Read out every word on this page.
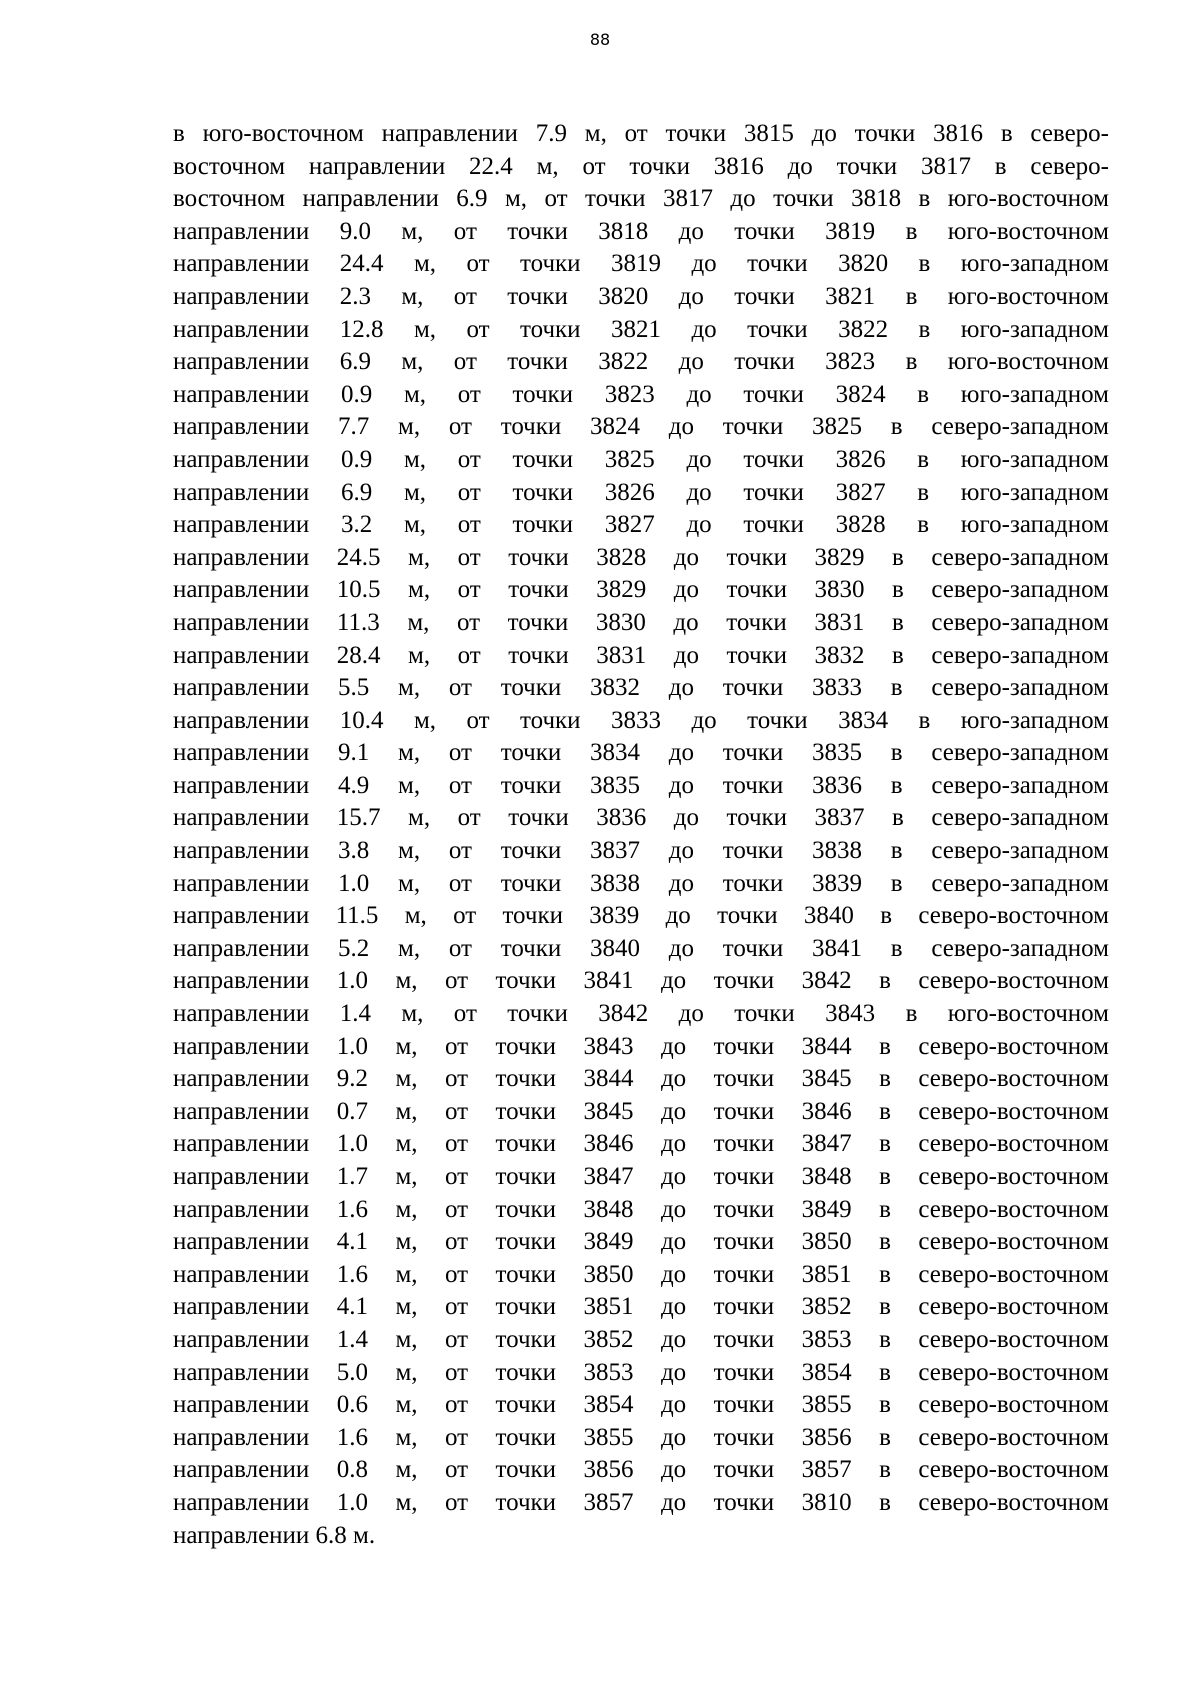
88
в юго-восточном направлении 7.9 м, от точки 3815 до точки 3816 в северо-
восточном направлении 22.4 м, от точки 3816 до точки 3817 в северо-
восточном направлении 6.9 м, от точки 3817 до точки 3818 в юго-восточном
направлении 9.0 м, от точки 3818 до точки 3819 в юго-восточном
направлении 24.4 м, от точки 3819 до точки 3820 в юго-западном
направлении 2.3 м, от точки 3820 до точки 3821 в юго-восточном
направлении 12.8 м, от точки 3821 до точки 3822 в юго-западном
направлении 6.9 м, от точки 3822 до точки 3823 в юго-восточном
направлении 0.9 м, от точки 3823 до точки 3824 в юго-западном
направлении 7.7 м, от точки 3824 до точки 3825 в северо-западном
направлении 0.9 м, от точки 3825 до точки 3826 в юго-западном
направлении 6.9 м, от точки 3826 до точки 3827 в юго-западном
направлении 3.2 м, от точки 3827 до точки 3828 в юго-западном
направлении 24.5 м, от точки 3828 до точки 3829 в северо-западном
направлении 10.5 м, от точки 3829 до точки 3830 в северо-западном
направлении 11.3 м, от точки 3830 до точки 3831 в северо-западном
направлении 28.4 м, от точки 3831 до точки 3832 в северо-западном
направлении 5.5 м, от точки 3832 до точки 3833 в северо-западном
направлении 10.4 м, от точки 3833 до точки 3834 в юго-западном
направлении 9.1 м, от точки 3834 до точки 3835 в северо-западном
направлении 4.9 м, от точки 3835 до точки 3836 в северо-западном
направлении 15.7 м, от точки 3836 до точки 3837 в северо-западном
направлении 3.8 м, от точки 3837 до точки 3838 в северо-западном
направлении 1.0 м, от точки 3838 до точки 3839 в северо-западном
направлении 11.5 м, от точки 3839 до точки 3840 в северо-восточном
направлении 5.2 м, от точки 3840 до точки 3841 в северо-западном
направлении 1.0 м, от точки 3841 до точки 3842 в северо-восточном
направлении 1.4 м, от точки 3842 до точки 3843 в юго-восточном
направлении 1.0 м, от точки 3843 до точки 3844 в северо-восточном
направлении 9.2 м, от точки 3844 до точки 3845 в северо-восточном
направлении 0.7 м, от точки 3845 до точки 3846 в северо-восточном
направлении 1.0 м, от точки 3846 до точки 3847 в северо-восточном
направлении 1.7 м, от точки 3847 до точки 3848 в северо-восточном
направлении 1.6 м, от точки 3848 до точки 3849 в северо-восточном
направлении 4.1 м, от точки 3849 до точки 3850 в северо-восточном
направлении 1.6 м, от точки 3850 до точки 3851 в северо-восточном
направлении 4.1 м, от точки 3851 до точки 3852 в северо-восточном
направлении 1.4 м, от точки 3852 до точки 3853 в северо-восточном
направлении 5.0 м, от точки 3853 до точки 3854 в северо-восточном
направлении 0.6 м, от точки 3854 до точки 3855 в северо-восточном
направлении 1.6 м, от точки 3855 до точки 3856 в северо-восточном
направлении 0.8 м, от точки 3856 до точки 3857 в северо-восточном
направлении 1.0 м, от точки 3857 до точки 3810 в северо-восточном
направлении 6.8 м.
